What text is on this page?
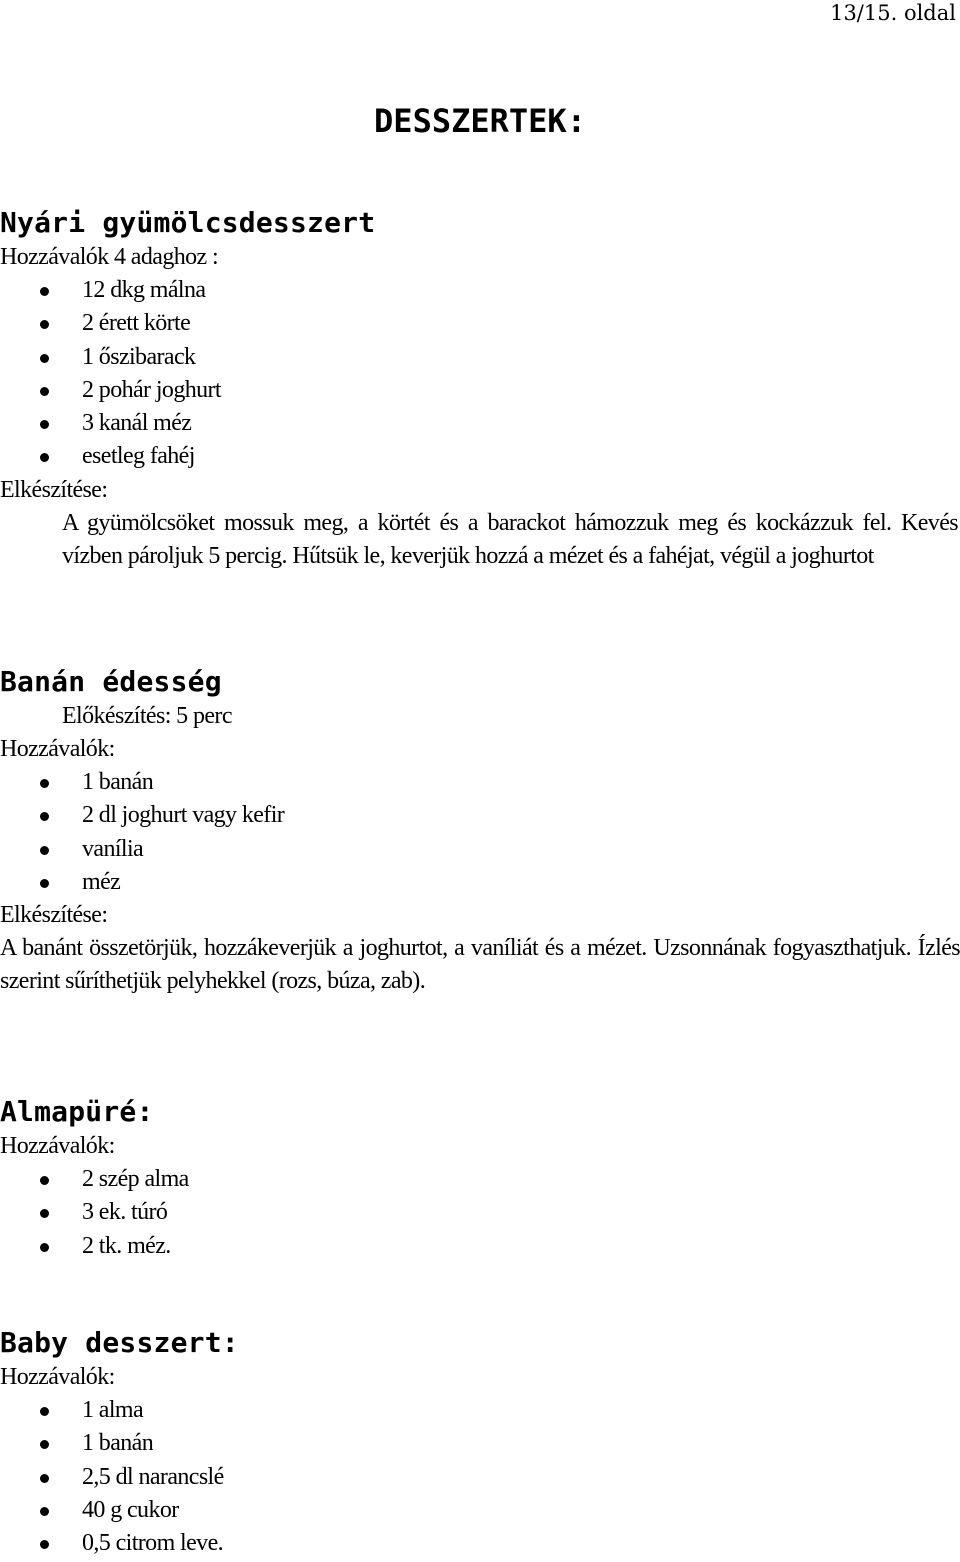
13/15. oldal
DESSZERTEK:
Nyári gyümölcsdesszert

Hozzávalók 4 adaghoz :

12 dkg málna
2 érett körte
1 őszibarack
2 pohár joghurt
3 kanál méz
esetleg fahéj

Elkészítése:

A gyümölcsöket mossuk meg, a körtét és a barackot hámozzuk meg és kockázzuk fel. Kevés vízben pároljuk 5 percig. Hűtsük le, keverjük hozzá a mézet és a fahéjat, végül a joghurtot

Banán édesség

Előkészítés: 5 perc

Hozzávalók:

1 banán
2 dl joghurt vagy kefir
vanília
méz

Elkészítése:

A banánt összetörjük, hozzákeverjük a joghurtot, a vaníliát és a mézet. Uzsonnának fogyaszthatjuk. Ízlés szerint sűríthetjük pelyhekkel (rozs, búza, zab).

Almapüré:

Hozzávalók:

2 szép alma
3 ek. túró
2 tk. méz.
Baby desszert:

Hozzávalók:

1 alma
1 banán
2,5 dl narancslé
40 g cukor
0,5 citrom leve.
